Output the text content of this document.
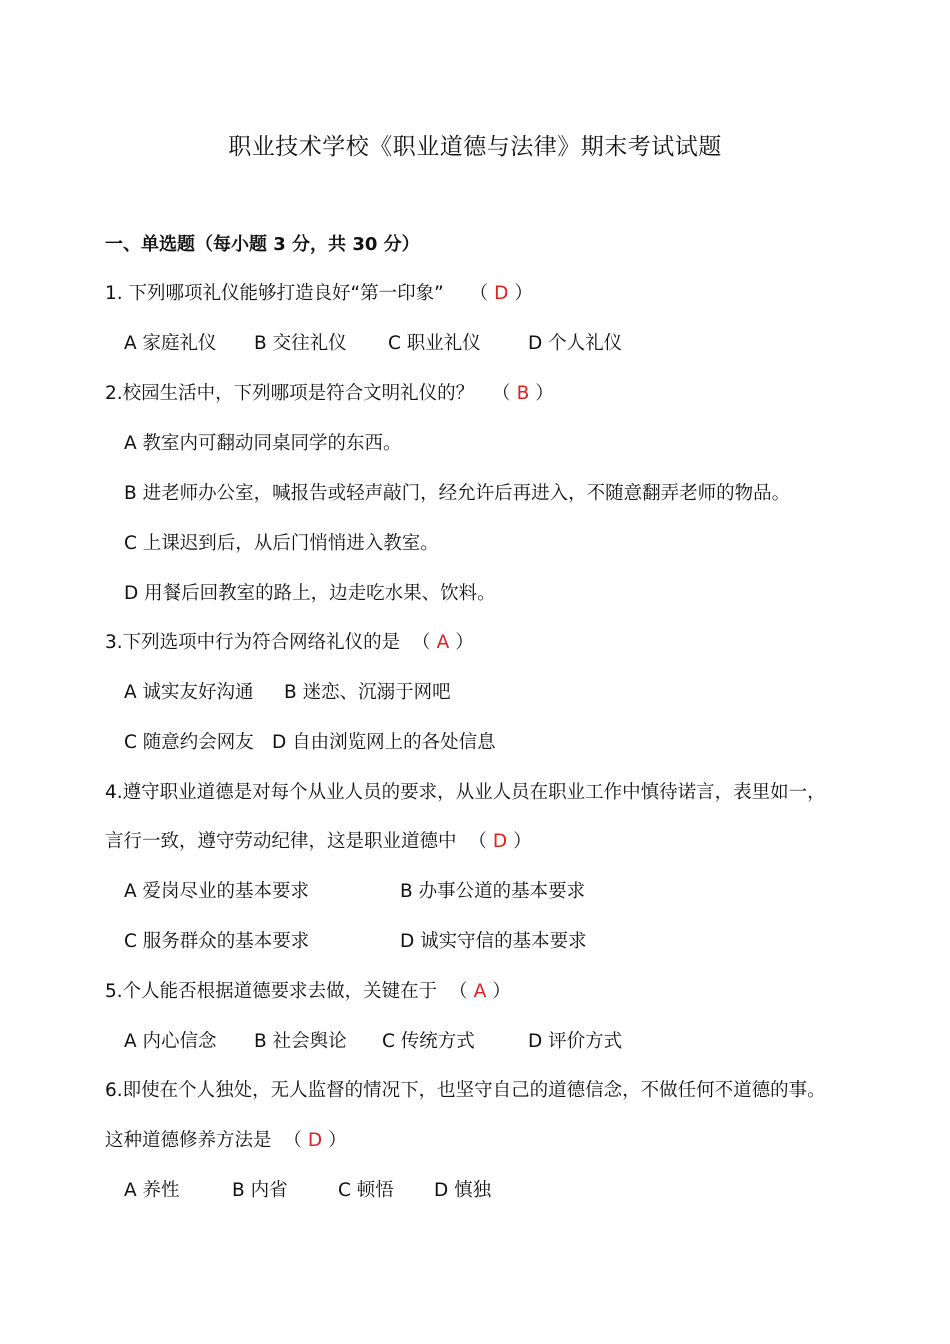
职业技术学校《职业道德与法律》期末考试试题
一、单选题（每小题 3 分，共 30 分）
1. 下列哪项礼仪能够打造良好“第一印象” （ D ）
A 家庭礼仪 B 交往礼仪 C 职业礼仪	D 个人礼仪
2.校园生活中，下列哪项是符合文明礼仪的？ （ B ）
A 教室内可翻动同桌同学的东西。
B 进老师办公室，喊报告或轻声敲门，经允许后再进入，不随意翻弄老师的物品。
C 上课迟到后，从后门悄悄进入教室。
D 用餐后回教室的路上，边走吃水果、饮料。
3.下列选项中行为符合网络礼仪的是 （ A ）
A 诚实友好沟通 B 迷恋、沉溺于网吧
C 随意约会网友 D 自由浏览网上的各处信息
4.遵守职业道德是对每个从业人员的要求，从业人员在职业工作中慎待诺言，表里如一，
言行一致，遵守劳动纪律，这是职业道德中 （ D ）
A 爱岗尽业的基本要求	B 办事公道的基本要求
C 服务群众的基本要求	D 诚实守信的基本要求
5.个人能否根据道德要求去做，关键在于 （ A ）
A 内心信念 B 社会舆论 C 传统方式	D 评价方式
6.即使在个人独处，无人监督的情况下，也坚守自己的道德信念，不做任何不道德的事。
这种道德修养方法是 （ D ）
A 养性	B 内省	C 顿悟 D 慎独
